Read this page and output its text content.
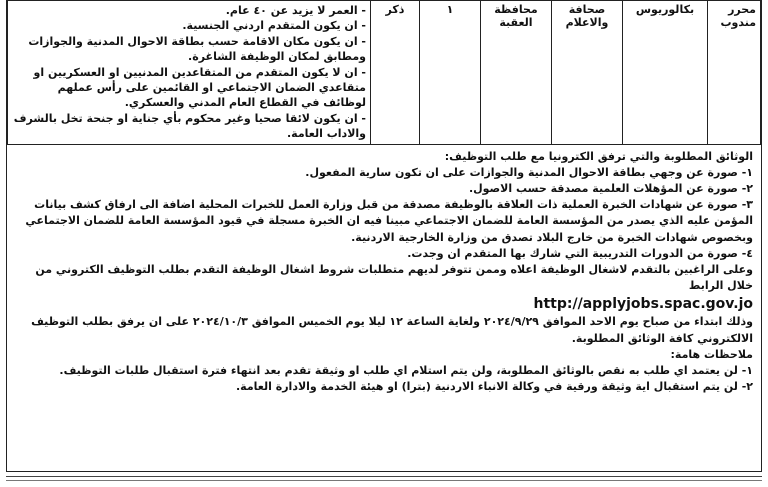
محرر مندوب	بكالوريوس	صحافة والاعلام	محافظة العقبة	١	ذكر	
- العمر لا يزيد عن ٤٠ عام.
- ان يكون المتقدم اردني الجنسية.
- ان يكون مكان الاقامة حسب بطاقة الاحوال المدنية والجوازات ومطابق لمكان الوظيفة الشاغرة.
- ان لا يكون المتقدم من المتقاعدين المدنيين او العسكريين او متقاعدي الضمان الاجتماعي او القائمين على رأس عملهم لوظائف في القطاع العام المدني والعسكري.
- ان يكون لائقا صحيا وغير محكوم بأي جناية او جنحة تخل بالشرف والاداب العامة.
الوثائق المطلوبة والتي ترفق الكترونيا مع طلب التوظيف:
١- صورة عن وجهي بطاقة الاحوال المدنية والجوازات على ان تكون سارية المفعول.
٢- صورة عن المؤهلات العلمية مصدقة حسب الاصول.
٣- صورة عن شهادات الخبرة العملية ذات العلاقة بالوظيفة مصدقة من قبل وزارة العمل للخبرات المحلية اضافة الى ارفاق كشف بيانات المؤمن عليه الذي يصدر من المؤسسة العامة للضمان الاجتماعي مبينا فيه ان الخبرة مسجلة في قيود المؤسسة العامة للضمان الاجتماعي وبخصوص شهادات الخبرة من خارج البلاد تصدق من وزارة الخارجية الاردنية.
٤- صورة من الدورات التدريبية التي شارك بها المتقدم ان وجدت.
وعلى الراغبين بالتقدم لاشغال الوظيفة اعلاه وممن تتوفر لديهم متطلبات شروط اشغال الوظيفة التقدم بطلب التوظيف الكتروني من خلال الرابط
http://applyjobs.spac.gov.jo
وذلك ابتداء من صباح يوم الاحد الموافق ٢٠٢٤/٩/٢٩ ولغاية الساعة ١٢ ليلا يوم الخميس الموافق ٢٠٢٤/١٠/٣ على ان يرفق بطلب التوظيف الالكتروني كافة الوثائق المطلوبة.
ملاحظات هامة:
١- لن يعتمد اي طلب به نقص بالوثائق المطلوبة، ولن يتم استلام اي طلب او وثيقة تقدم بعد انتهاء فترة استقبال طلبات التوظيف.
٢- لن يتم استقبال اية وثيقة ورقية في وكالة الانباء الاردنية (بترا) او هيئة الخدمة والادارة العامة.
